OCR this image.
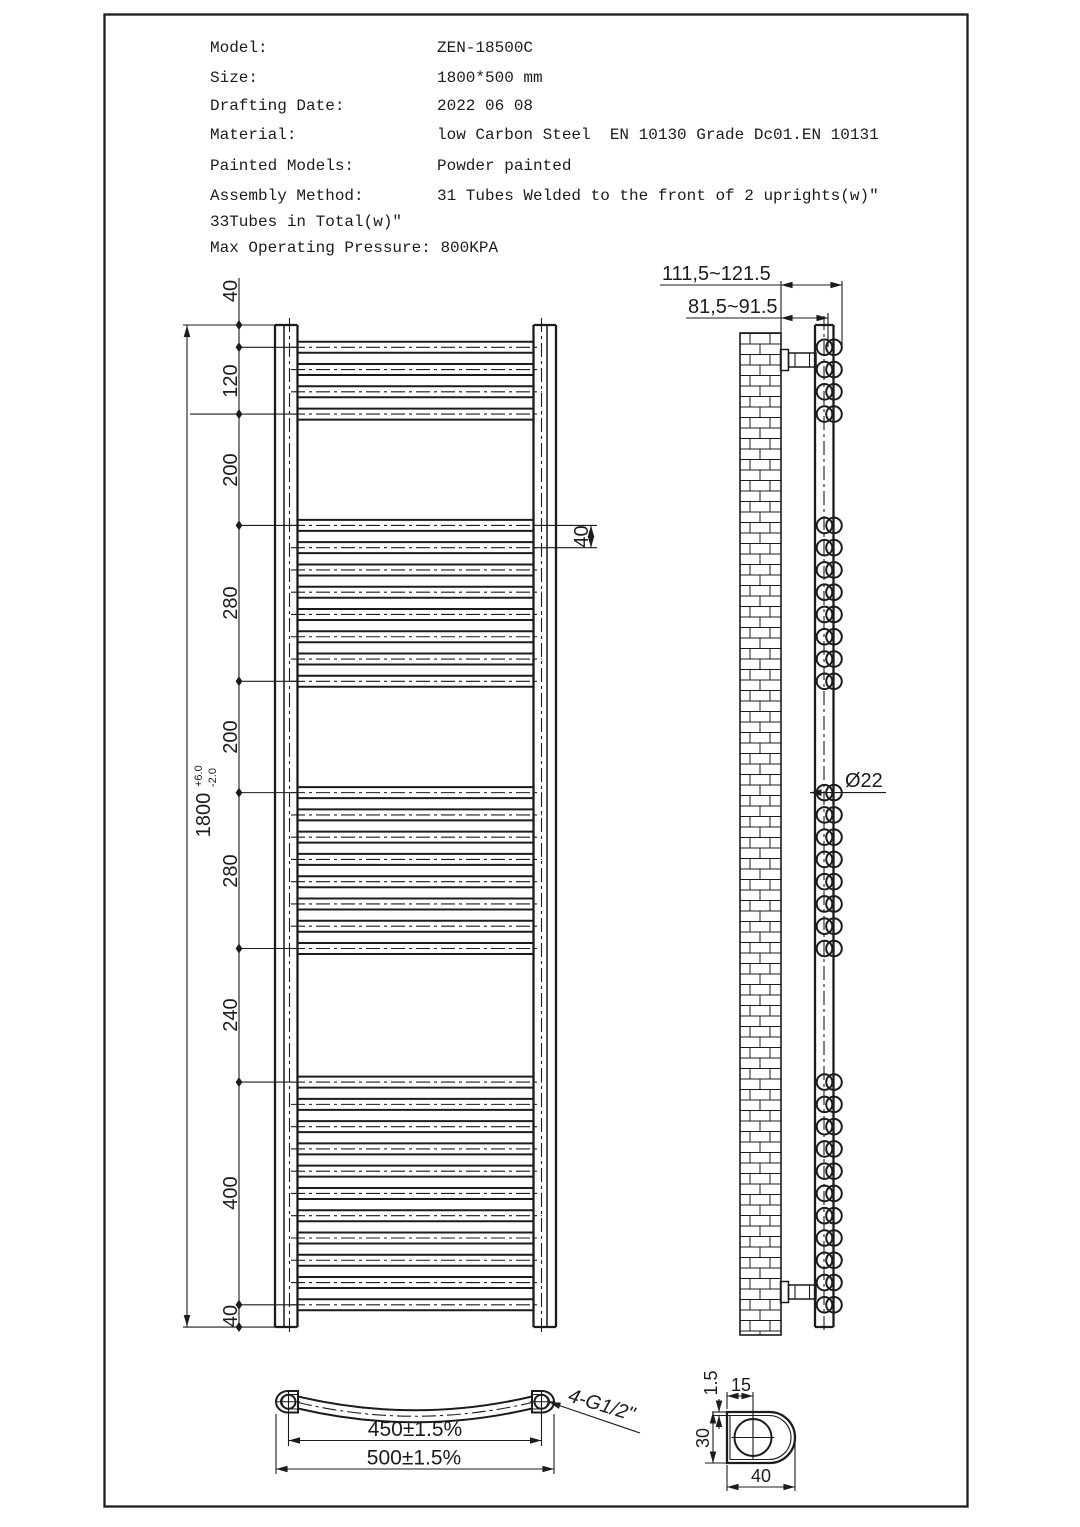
Model:	ZEN-18500C
Size:	1800*500 mm
Drafting Date:	2022 06 08
Material:	low Carbon Steel  EN 10130 Grade Dc01.EN 10131
Painted Models:	Powder painted
Assembly Method:	31 Tubes Welded to the front of 2 uprights(w)"
33Tubes in Total(w)"
Max Operating Pressure: 800KPA
1800
+6.0 -2.0
40
120
200
280
200
280
240
400
40
40
111,5~121.5
81,5~91.5
Ø22
450±1.5%
500±1.5%
4-G1/2"	15
1.5
30
40
